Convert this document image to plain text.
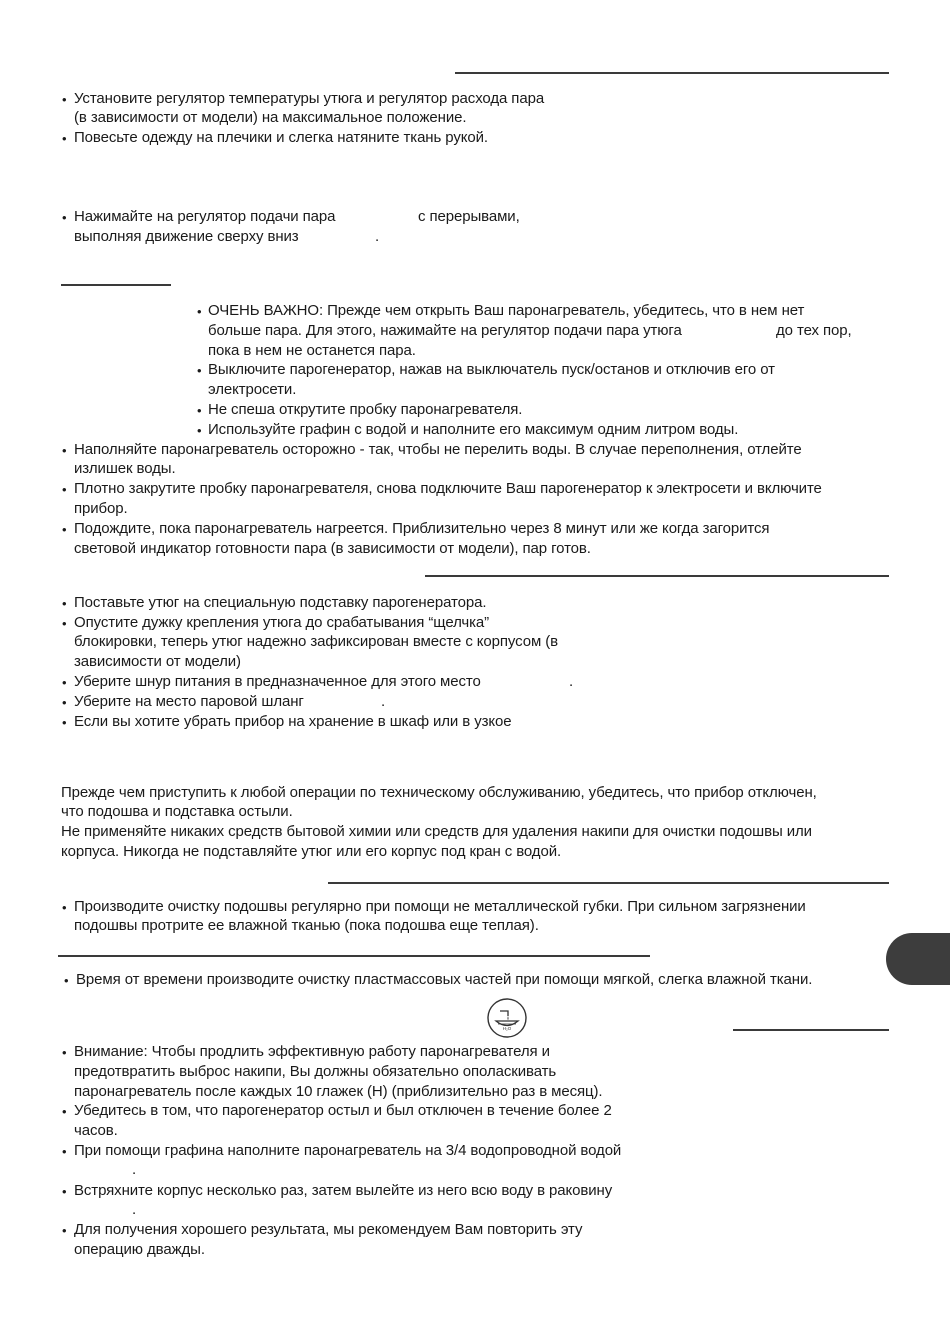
Н₂О
• Установите регулятор температуры утюга и регулятор расхода пара
(в зависимости от модели) на максимальное положение.
• Повесьте одежду на плечики и слегка натяните ткань рукой.
• Нажимайте на регулятор подачи пара	с перерывами,
выполняя движение сверху вниз	.
• ОЧЕНЬ ВАЖНО: Прежде чем открыть Ваш паронагреватель, убедитесь, что в нем нет
больше пара. Для этого, нажимайте на регулятор подачи пара утюга	до тех пор,
пока в нем не останется пара.
• Выключите парогенератор, нажав на выключатель пуск/останов и отключив его от
электросети.
• Не спеша открутите пробку паронагревателя.
• Используйте графин с водой и наполните его максимум одним литром воды.
• Наполняйте паронагреватель осторожно - так, чтобы не перелить воды. В случае переполнения, отлейте
излишек воды.
• Плотно закрутите пробку паронагревателя, снова подключите Ваш парогенератор к электросети и включите
прибор.
• Подождите, пока паронагреватель нагреется. Приблизительно через 8 минут или же когда загорится
световой индикатор готовности пара (в зависимости от модели), пар готов.
• Поставьте утюг на специальную подставку парогенератора.
• Опустите дужку крепления утюга до срабатывания “щелчка”
блокировки, теперь утюг надежно зафиксирован вместе с корпусом (в
зависимости от модели)
• Уберите шнур питания в предназначенное для этого место	.
• Уберите на место паровой шланг	.
• Если вы хотите убрать прибор на хранение в шкаф или в узкое
Прежде чем приступить к любой операции по техническому обслуживанию, убедитесь, что прибор отключен,
что подошва и подставка остыли.
Не применяйте никаких средств бытовой химии или средств для удаления накипи для очистки подошвы или
корпуса. Никогда не подставляйте утюг или его корпус под кран с водой.
• Производите очистку подошвы регулярно при помощи не металлической губки. При сильном загрязнении
подошвы протрите ее влажной тканью (пока подошва еще теплая).
• Время от времени производите очистку пластмассовых частей при помощи мягкой, слегка влажной ткани.
• Внимание: Чтобы продлить эффективную работу паронагревателя и
предотвратить выброс накипи, Вы должны обязательно ополаскивать
паронагреватель после каждых 10 глажек (Н) (приблизительно раз в месяц).
• Убедитесь в том, что парогенератор остыл и был отключен в течение более 2
часов.
• При помощи графина наполните паронагреватель на 3/4 водопроводной водой
.
• Встряхните корпус несколько раз, затем вылейте из него всю воду в раковину
.
• Для получения хорошего результата, мы рекомендуем Вам повторить эту
операцию дважды.
